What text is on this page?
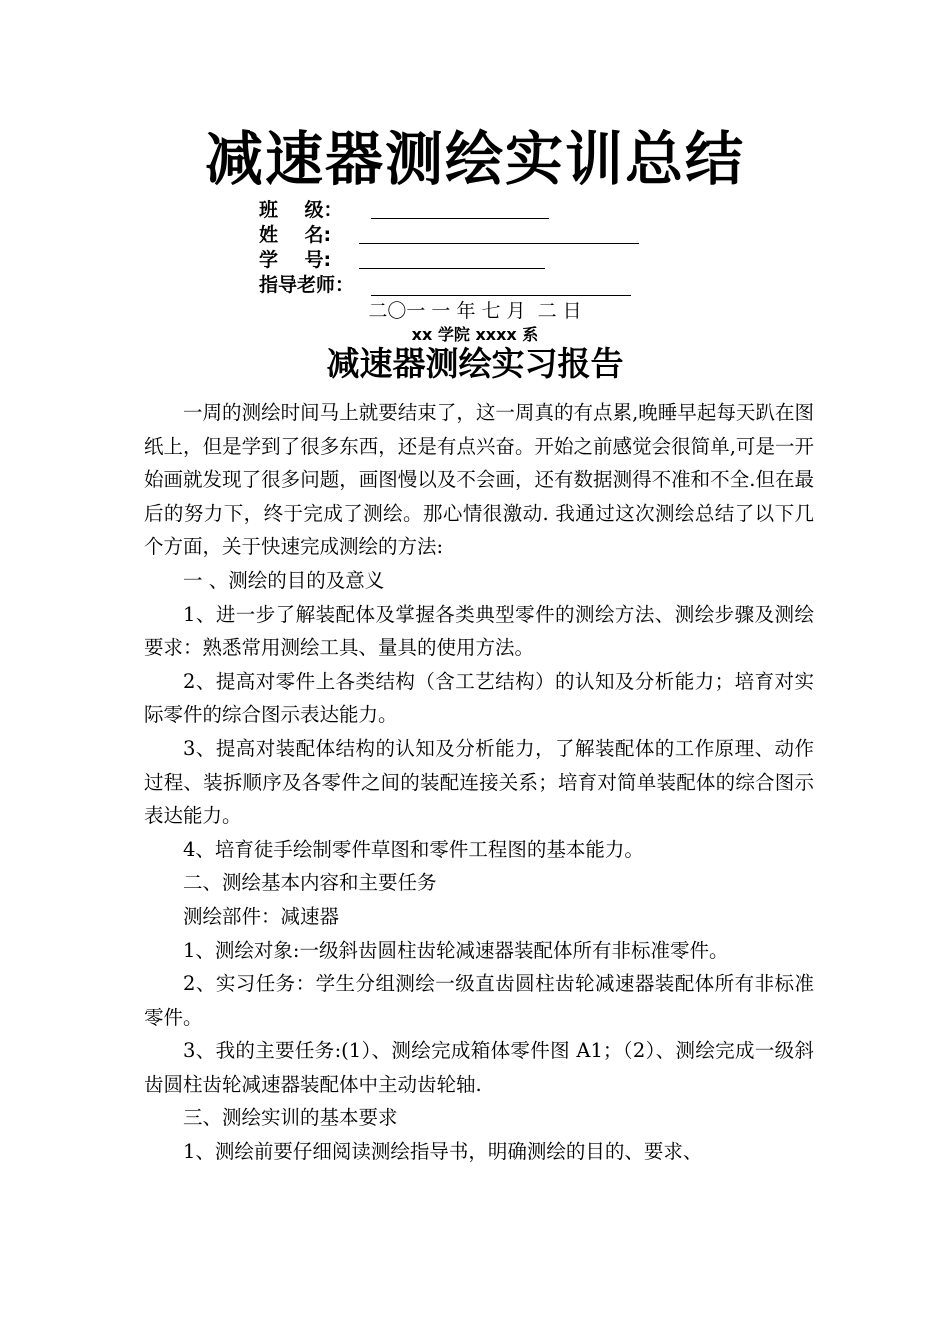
减速器测绘实训总结
班    级：
姓    名:
学    号:
指导老师：
二〇一 一 年 七 月  二 日
xx 学院 xxxx 系
减速器测绘实习报告

一周的测绘时间马上就要结束了，这一周真的有点累,晚睡早起每天趴在图纸上，但是学到了很多东西，还是有点兴奋。开始之前感觉会很简单,可是一开始画就发现了很多问题，画图慢以及不会画，还有数据测得不准和不全.但在最后的努力下，终于完成了测绘。那心情很激动. 我通过这次测绘总结了以下几个方面，关于快速完成测绘的方法:

一 、测绘的目的及意义

1、进一步了解装配体及掌握各类典型零件的测绘方法、测绘步骤及测绘要求：熟悉常用测绘工具、量具的使用方法。

2、提高对零件上各类结构（含工艺结构）的认知及分析能力；培育对实际零件的综合图示表达能力。

3、提高对装配体结构的认知及分析能力，了解装配体的工作原理、动作过程、装拆顺序及各零件之间的装配连接关系；培育对简单装配体的综合图示表达能力。

4、培育徒手绘制零件草图和零件工程图的基本能力。

二、测绘基本内容和主要任务

测绘部件：减速器

1、测绘对象:一级斜齿圆柱齿轮减速器装配体所有非标准零件。

2、实习任务：学生分组测绘一级直齿圆柱齿轮减速器装配体所有非标准零件。

3、我的主要任务:(1）、测绘完成箱体零件图 A1；（2）、测绘完成一级斜齿圆柱齿轮减速器装配体中主动齿轮轴.

三、测绘实训的基本要求

1、测绘前要仔细阅读测绘指导书，明确测绘的目的、要求、
